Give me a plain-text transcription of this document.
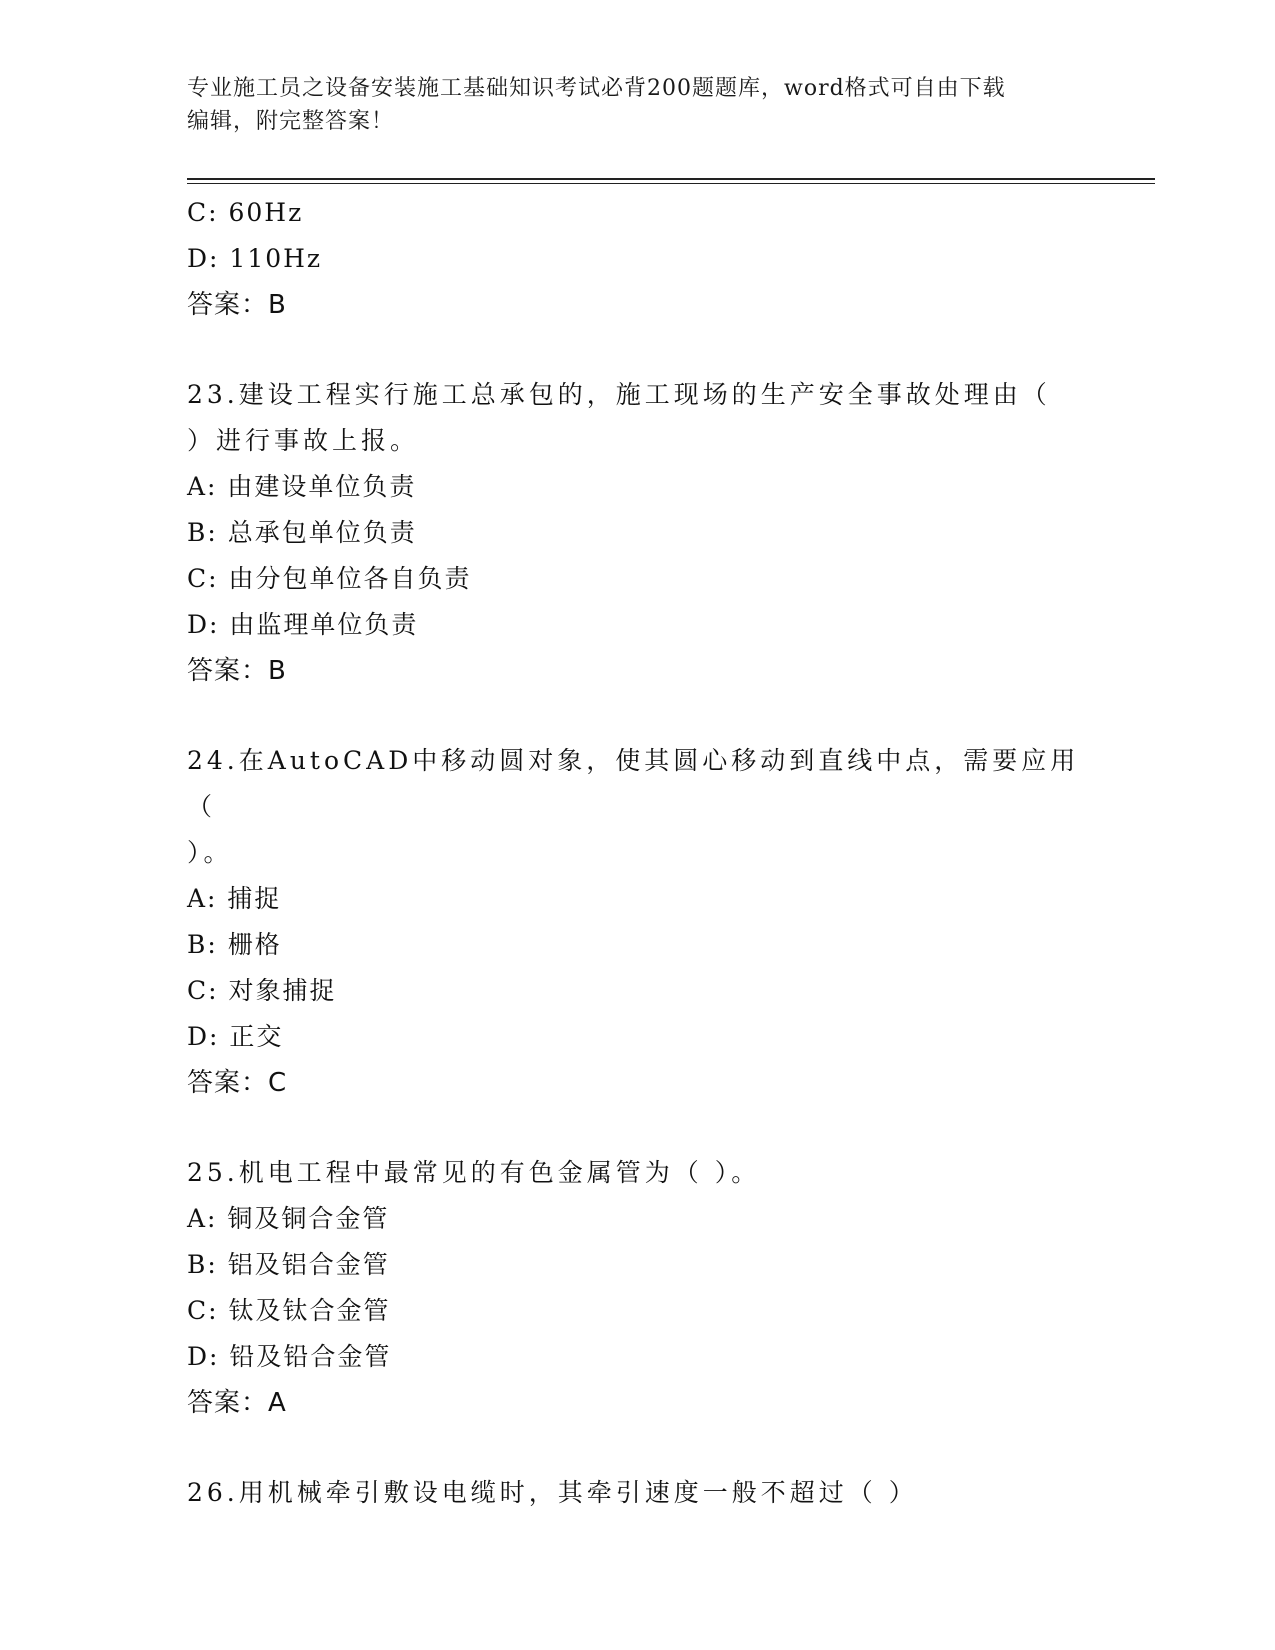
专业施工员之设备安装施工基础知识考试必背200题题库，word格式可自由下载
编辑，附完整答案！
C: 60Hz
D: 110Hz
答案：B
23.建设工程实行施工总承包的，施工现场的生产安全事故处理由（
）进行事故上报。
A: 由建设单位负责
B: 总承包单位负责
C: 由分包单位各自负责
D: 由监理单位负责
答案：B
24.在AutoCAD中移动圆对象，使其圆心移动到直线中点，需要应用（
）。
A: 捕捉
B: 栅格
C: 对象捕捉
D: 正交
答案：C
25.机电工程中最常见的有色金属管为（ ）。
A: 铜及铜合金管
B: 铝及铝合金管
C: 钛及钛合金管
D: 铅及铅合金管
答案：A
26.用机械牵引敷设电缆时，其牵引速度一般不超过（ ）
